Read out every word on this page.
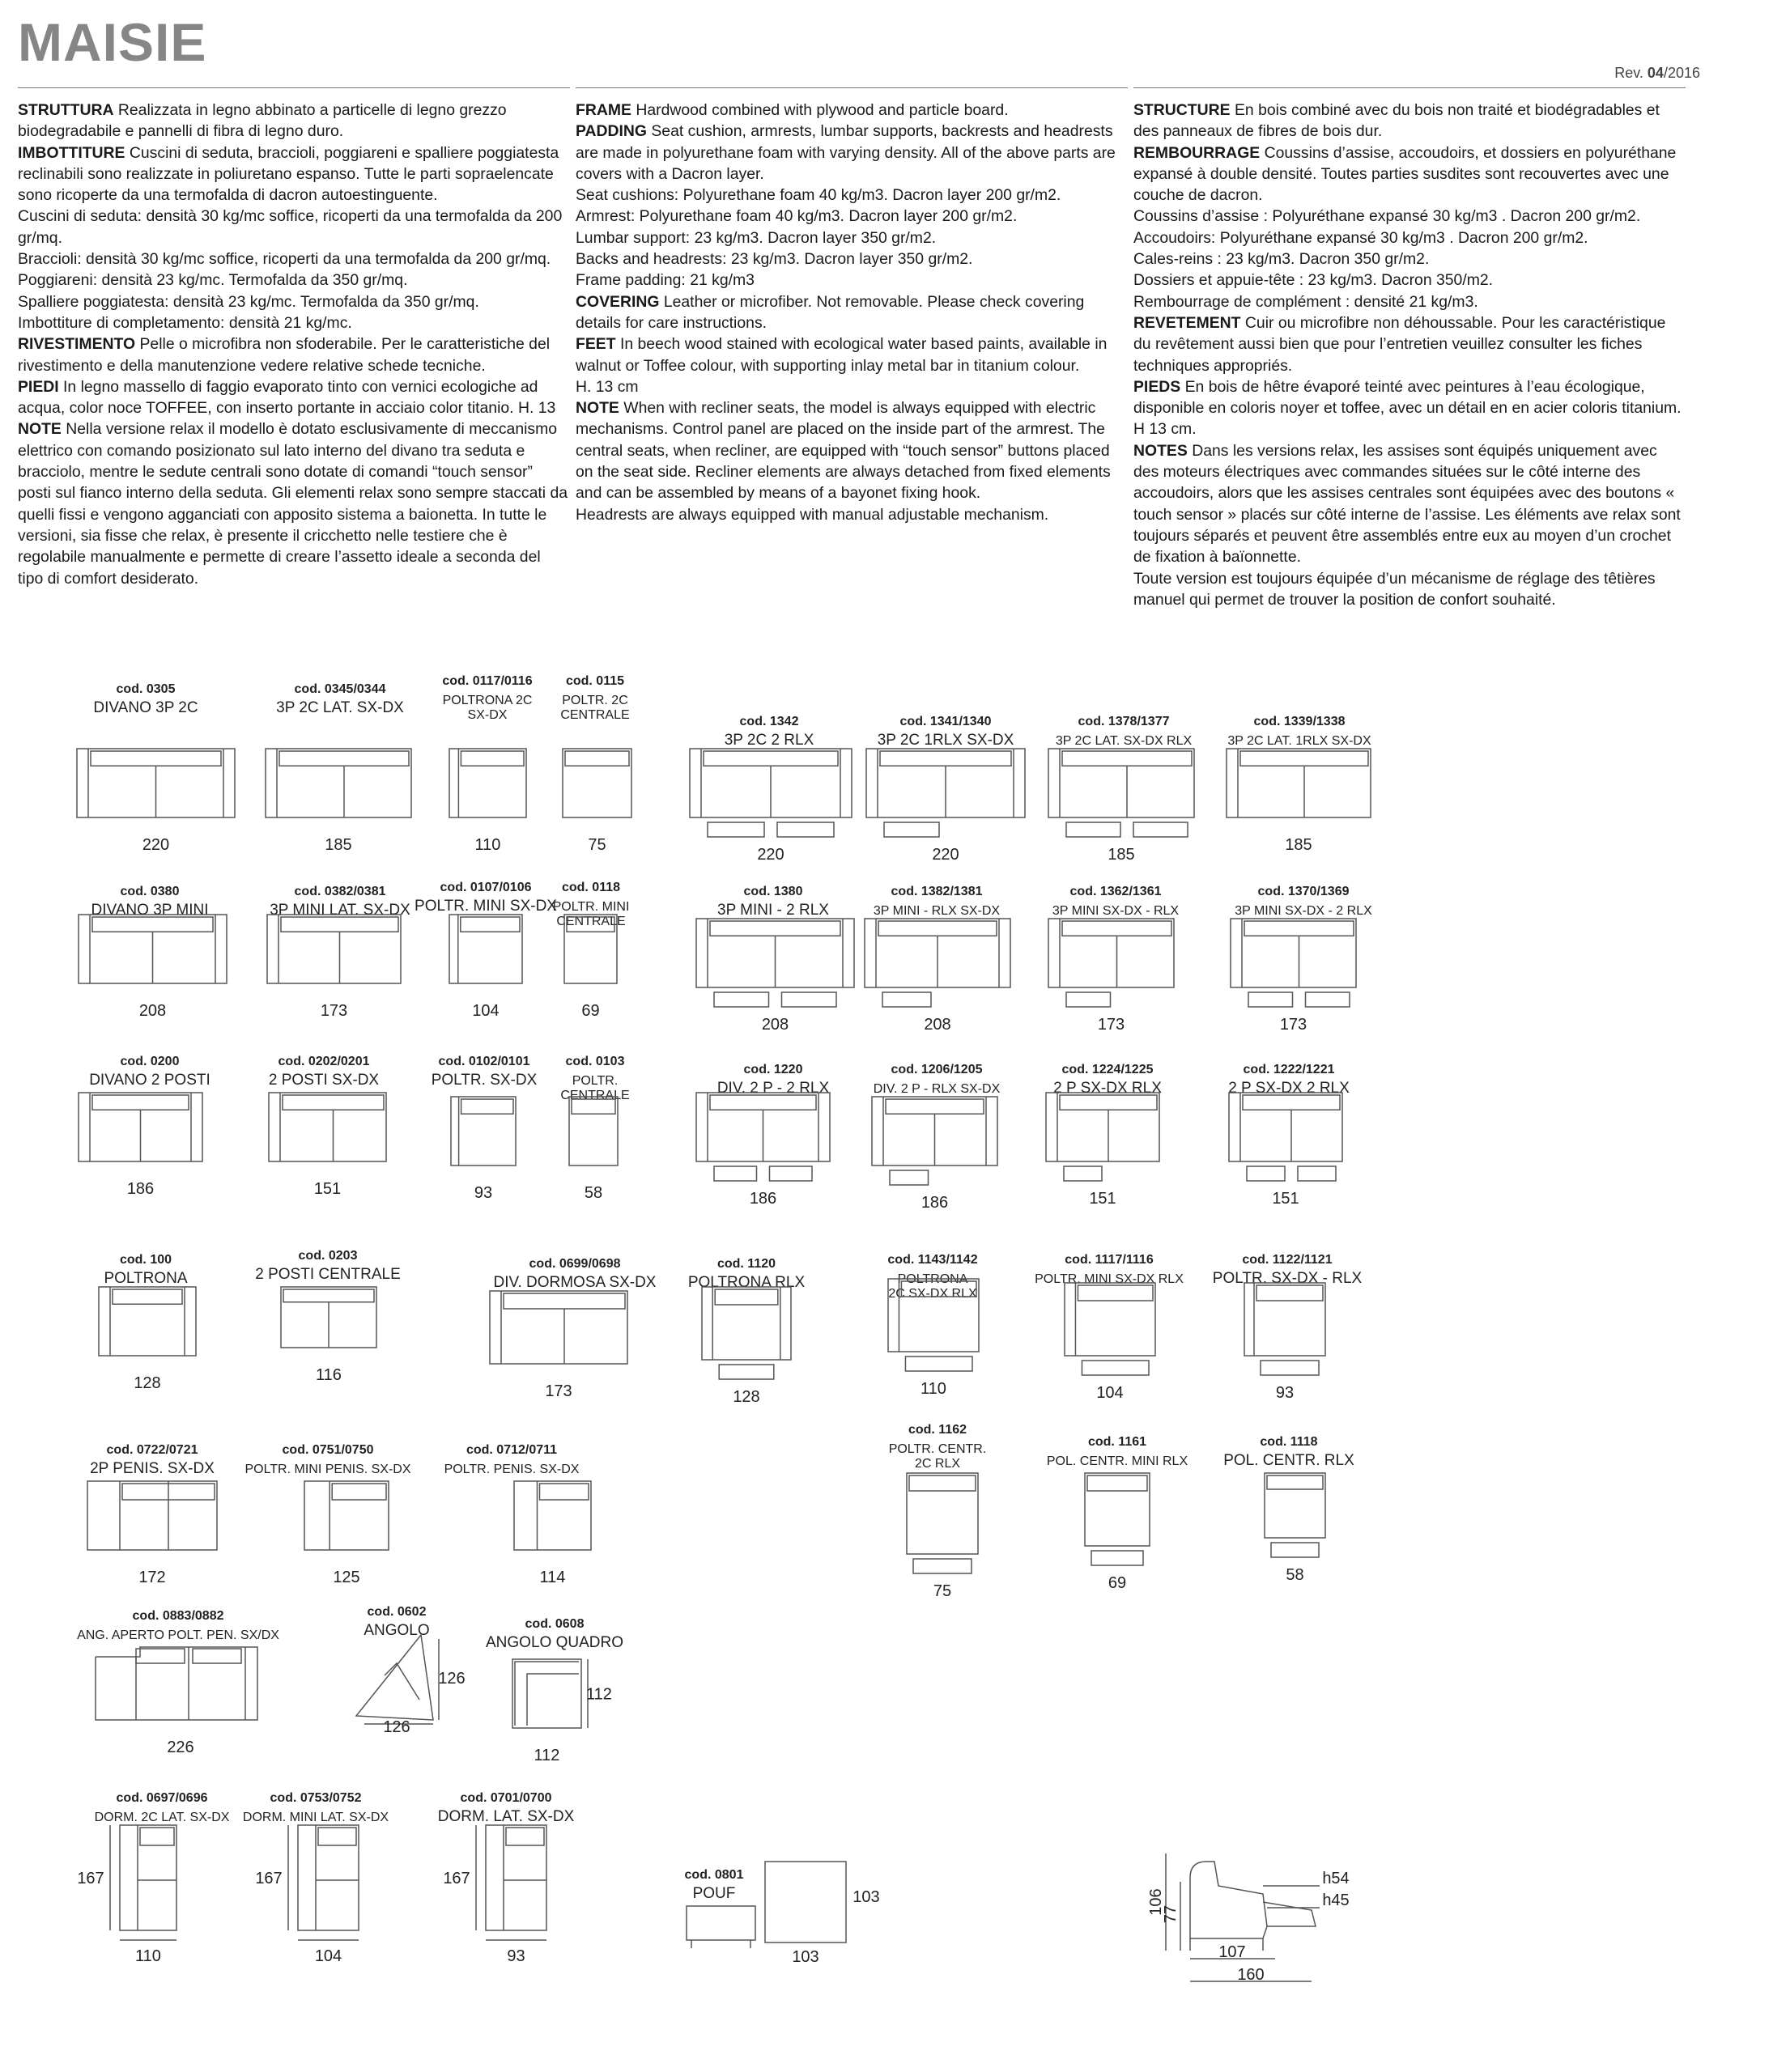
MAISIE
Rev. 04/2016

STRUTTURA Realizzata in legno abbinato a particelle di legno grezzo biodegradabile e pannelli di fibra di legno duro.

IMBOTTITURE Cuscini di seduta, braccioli, poggiareni e spalliere poggiatesta reclinabili sono realizzate in poliuretano espanso. Tutte le parti sopraelencate sono ricoperte da una termofalda di dacron autoestinguente.

Cuscini di seduta: densità 30 kg/mc soffice, ricoperti da una termofalda da 200 gr/mq.

Braccioli: densità 30 kg/mc soffice, ricoperti da una termofalda da 200 gr/mq.

Poggiareni: densità 23 kg/mc. Termofalda da 350 gr/mq.

Spalliere poggiatesta: densità 23 kg/mc. Termofalda da 350 gr/mq.

Imbottiture di completamento: densità 21 kg/mc.

RIVESTIMENTO Pelle o microfibra non sfoderabile. Per le caratteristiche del rivestimento e della manutenzione vedere relative schede tecniche.

PIEDI In legno massello di faggio evaporato tinto con vernici ecologiche ad acqua, color noce TOFFEE, con inserto portante in acciaio color titanio. H. 13

NOTE Nella versione relax il modello è dotato esclusivamente di meccanismo elettrico con comando posizionato sul lato interno del divano tra seduta e bracciolo, mentre le sedute centrali sono dotate di comandi “touch sensor” posti sul fianco interno della seduta. Gli elementi relax sono sempre staccati da quelli fissi e vengono agganciati con apposito sistema a baionetta. In tutte le versioni, sia fisse che relax, è presente il cricchetto nelle testiere che è regolabile manualmente e permette di creare l’assetto ideale a seconda del tipo di comfort desiderato.

FRAME Hardwood combined with plywood and particle board.

PADDING Seat cushion, armrests, lumbar supports, backrests and headrests are made in polyurethane foam with varying density. All of the above parts are covers with a Dacron layer.

Seat cushions: Polyurethane foam 40 kg/m3. Dacron layer 200 gr/m2.

Armrest: Polyurethane foam 40 kg/m3. Dacron layer 200 gr/m2.

Lumbar support: 23 kg/m3. Dacron layer 350 gr/m2.

Backs and headrests: 23 kg/m3. Dacron layer 350 gr/m2.

Frame padding: 21 kg/m3

COVERING Leather or microfiber. Not removable. Please check covering details for care instructions.

FEET In beech wood stained with ecological water based paints, available in walnut or Toffee colour, with supporting inlay metal bar in titanium colour.

H. 13 cm

NOTE When with recliner seats, the model is always equipped with electric mechanisms. Control panel are placed on the inside part of the armrest. The central seats, when recliner, are equipped with “touch sensor” buttons placed on the seat side. Recliner elements are always detached from fixed elements and can be assembled by means of a bayonet fixing hook.

Headrests are always equipped with manual adjustable mechanism.

STRUCTURE En bois combiné avec du bois non traité et biodégradables et des panneaux de fibres de bois dur.

REMBOURRAGE Coussins d’assise, accoudoirs, et dossiers en polyuréthane expansé à double densité. Toutes parties susdites sont recouvertes avec une couche de dacron.

Coussins d’assise : Polyuréthane expansé 30 kg/m3 . Dacron 200 gr/m2.

Accoudoirs: Polyuréthane expansé 30 kg/m3 . Dacron 200 gr/m2.

Cales-reins : 23 kg/m3. Dacron 350 gr/m2.

Dossiers et appuie-tête : 23 kg/m3. Dacron 350/m2.

Rembourrage de complément : densité 21 kg/m3.

REVETEMENT Cuir ou microfibre non déhoussable. Pour les caractéristique du revêtement aussi bien que pour l’entretien veuillez consulter les fiches techniques appropriés.

PIEDS En bois de hêtre évaporé teinté avec peintures à l’eau écologique, disponible en coloris noyer et toffee, avec un détail en en acier coloris titanium.

H 13 cm.

NOTES Dans les versions relax, les assises sont équipés uniquement avec des moteurs électriques avec commandes situées sur le côté interne des accoudoirs, alors que les assises centrales sont équipées avec des boutons « touch sensor » placés sur côté interne de l’assise. Les éléments ave relax sont toujours séparés et peuvent être assemblés entre eux au moyen d’un crochet de fixation à baïonnette.

Toute version est toujours équipée d’un mécanisme de réglage des têtières manuel qui permet de trouver la position de confort souhaité.

cod. 0305
DIVANO 3P 2C
220
cod. 0345/0344
3P 2C LAT. SX-DX
185
cod. 0117/0116
POLTRONA 2C
SX-DX
110
cod. 0115
POLTR. 2C
CENTRALE
75
cod. 1342
3P 2C 2 RLX
220
cod. 1341/1340
3P 2C 1RLX SX-DX
220
cod. 1378/1377
3P 2C LAT. SX-DX RLX
185
cod. 1339/1338
3P 2C LAT. 1RLX SX-DX
185
cod. 0380
DIVANO 3P MINI
208
cod. 0382/0381
3P MINI LAT. SX-DX
173
cod. 0107/0106
POLTR. MINI SX-DX
104
cod. 0118
POLTR. MINI
CENTRALE
69
cod. 1380
3P MINI - 2 RLX
208
cod. 1382/1381
3P MINI - RLX SX-DX
208
cod. 1362/1361
3P MINI SX-DX - RLX
173
cod. 1370/1369
3P MINI SX-DX - 2 RLX
173
cod. 0200
DIVANO 2 POSTI
186
cod. 0202/0201
2 POSTI SX-DX
151
cod. 0102/0101
POLTR. SX-DX
93
cod. 0103
POLTR.
CENTRALE
58
cod. 1220
DIV. 2 P - 2 RLX
186
cod. 1206/1205
DIV. 2 P - RLX SX-DX
186
cod. 1224/1225
2 P SX-DX RLX
151
cod. 1222/1221
2 P SX-DX 2 RLX
151
cod. 100
POLTRONA
128
cod. 0203
2 POSTI CENTRALE
116
cod. 0699/0698
DIV. DORMOSA SX-DX
173
cod. 1120
POLTRONA RLX
128
cod. 1143/1142
POLTRONA
2C SX-DX RLX
110
cod. 1117/1116
POLTR. MINI SX-DX RLX
104
cod. 1122/1121
POLTR. SX-DX - RLX
93
cod. 0722/0721
2P PENIS. SX-DX
172
cod. 0751/0750
POLTR. MINI PENIS. SX-DX
125
cod. 0712/0711
POLTR. PENIS. SX-DX
114
cod. 1162
POLTR. CENTR.
2C RLX
75
cod. 1161
POL. CENTR. MINI RLX
69
cod. 1118
POL. CENTR. RLX
58
cod. 0883/0882
ANG. APERTO POLT. PEN. SX/DX
226
cod. 0602
ANGOLO
126
126
cod. 0608
ANGOLO QUADRO
112
112
cod. 0697/0696
DORM. 2C LAT. SX-DX
110
167
cod. 0753/0752
DORM. MINI LAT. SX-DX
104
167
cod. 0701/0700
DORM. LAT. SX-DX
93
167	cod. 0801
POUF
103
103
h54
h45
106
77
107
160
